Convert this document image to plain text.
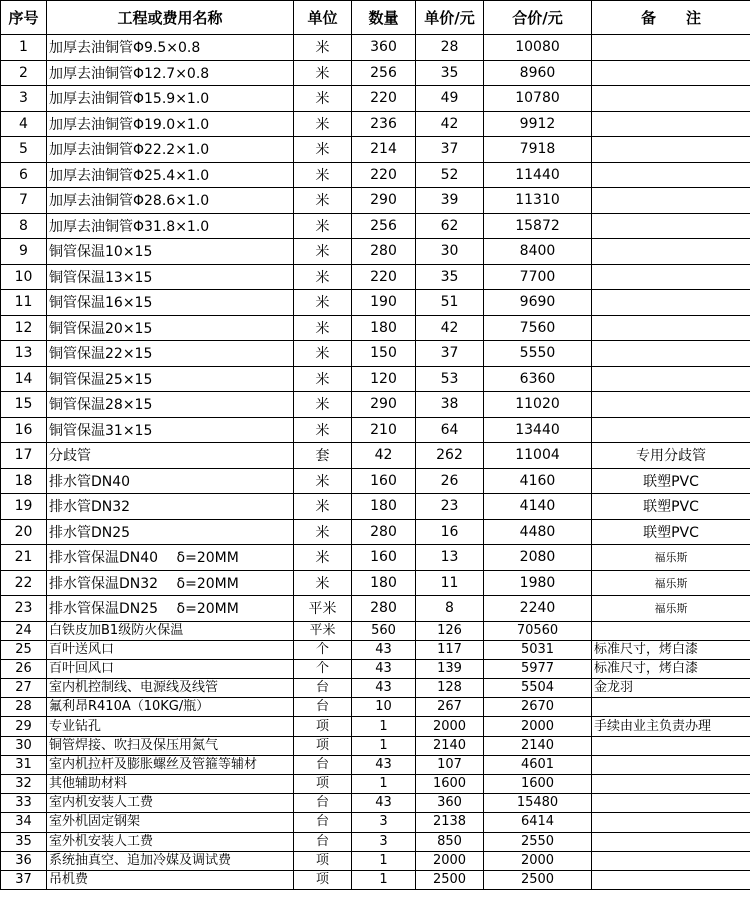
序号	工程或费用名称	单位	数量	单价/元	合价/元	备　　注
1	加厚去油铜管Φ9.5×0.8	米	360	28	10080	
2	加厚去油铜管Φ12.7×0.8	米	256	35	8960	
3	加厚去油铜管Φ15.9×1.0	米	220	49	10780	
4	加厚去油铜管Φ19.0×1.0	米	236	42	9912	
5	加厚去油铜管Φ22.2×1.0	米	214	37	7918	
6	加厚去油铜管Φ25.4×1.0	米	220	52	11440	
7	加厚去油铜管Φ28.6×1.0	米	290	39	11310	
8	加厚去油铜管Φ31.8×1.0	米	256	62	15872	
9	铜管保温10×15	米	280	30	8400	
10	铜管保温13×15	米	220	35	7700	
11	铜管保温16×15	米	190	51	9690	
12	铜管保温20×15	米	180	42	7560	
13	铜管保温22×15	米	150	37	5550	
14	铜管保温25×15	米	120	53	6360	
15	铜管保温28×15	米	290	38	11020	
16	铜管保温31×15	米	210	64	13440	
17	分歧管	套	42	262	11004	专用分歧管
18	排水管DN40	米	160	26	4160	联塑PVC
19	排水管DN32	米	180	23	4140	联塑PVC
20	排水管DN25	米	280	16	4480	联塑PVC
21	排水管保温DN40　 δ=20MM	米	160	13	2080	福乐斯
22	排水管保温DN32　 δ=20MM	米	180	11	1980	福乐斯
23	排水管保温DN25　 δ=20MM	平米	280	8	2240	福乐斯
24	白铁皮加B1级防火保温	平米	560	126	70560	
25	百叶送风口	个	43	117	5031	标准尺寸，烤白漆
26	百叶回风口	个	43	139	5977	标准尺寸，烤白漆
27	室内机控制线、电源线及线管	台	43	128	5504	金龙羽
28	氟利昂R410A（10KG/瓶）	台	10	267	2670	
29	专业钻孔	项	1	2000	2000	手续由业主负责办理
30	铜管焊接、吹扫及保压用氮气	项	1	2140	2140	
31	室内机拉杆及膨胀螺丝及管箍等辅材	台	43	107	4601	
32	其他辅助材料	项	1	1600	1600	
33	室内机安装人工费	台	43	360	15480	
34	室外机固定钢架	台	3	2138	6414	
35	室外机安装人工费	台	3	850	2550	
36	系统抽真空、追加冷媒及调试费	项	1	2000	2000	
37	吊机费	项	1	2500	2500	
